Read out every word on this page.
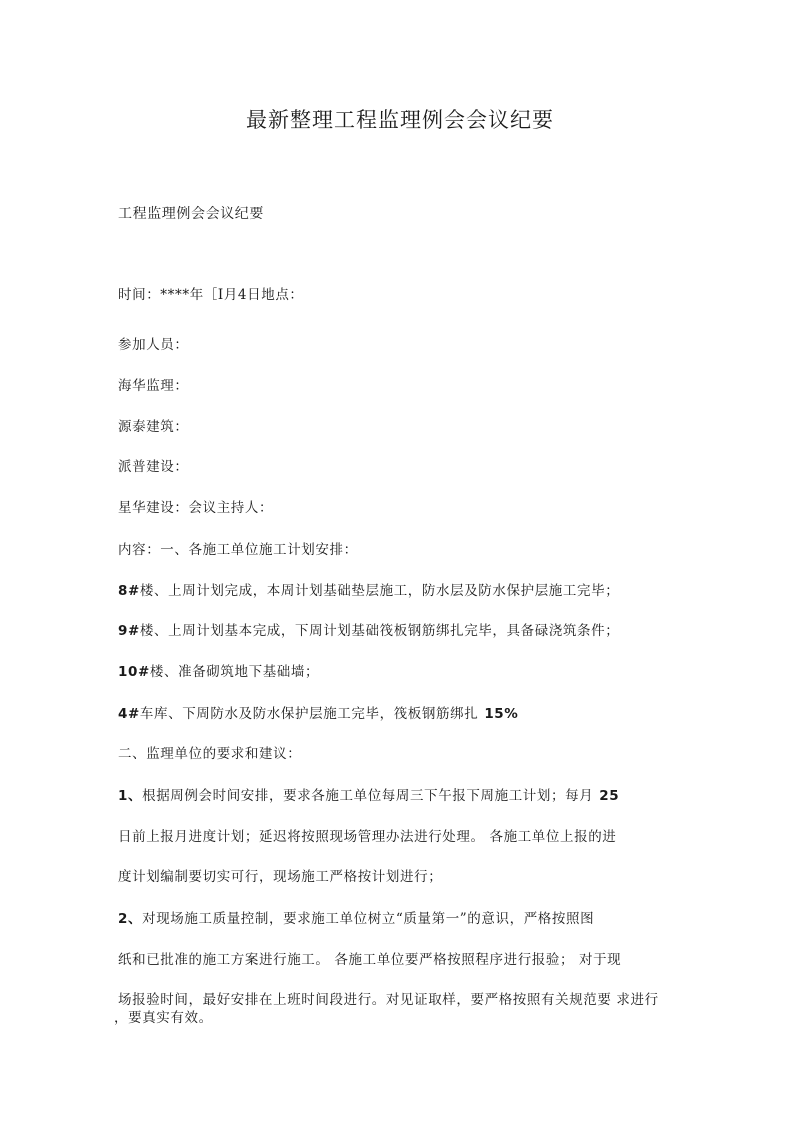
最新整理工程监理例会会议纪要
工程监理例会会议纪要
时间：****年［I月4日地点：
参加人员：
海华监理：
源泰建筑：
派普建设：
星华建设：会议主持人：
内容：一、各施工单位施工计划安排：
8#楼、上周计划完成，本周计划基础垫层施工，防水层及防水保护层施工完毕；
9#楼、上周计划基本完成，下周计划基础筏板钢筋绑扎完毕，具备碌浇筑条件；
10#楼、准备砌筑地下基础墙；
4#车库、下周防水及防水保护层施工完毕，筏板钢筋绑扎 15%
二、监理单位的要求和建议：
1、根据周例会时间安排，要求各施工单位每周三下午报下周施工计划；每月 25
日前上报月进度计划；延迟将按照现场管理办法进行处理。 各施工单位上报的进
度计划编制要切实可行，现场施工严格按计划进行；
2、对现场施工质量控制，要求施工单位树立“质量第一”的意识，严格按照图
纸和已批准的施工方案进行施工。 各施工单位要严格按照程序进行报验； 对于现
场报验时间，最好安排在上班时间段进行。对见证取样，要严格按照有关规范要 求进行
，要真实有效。
